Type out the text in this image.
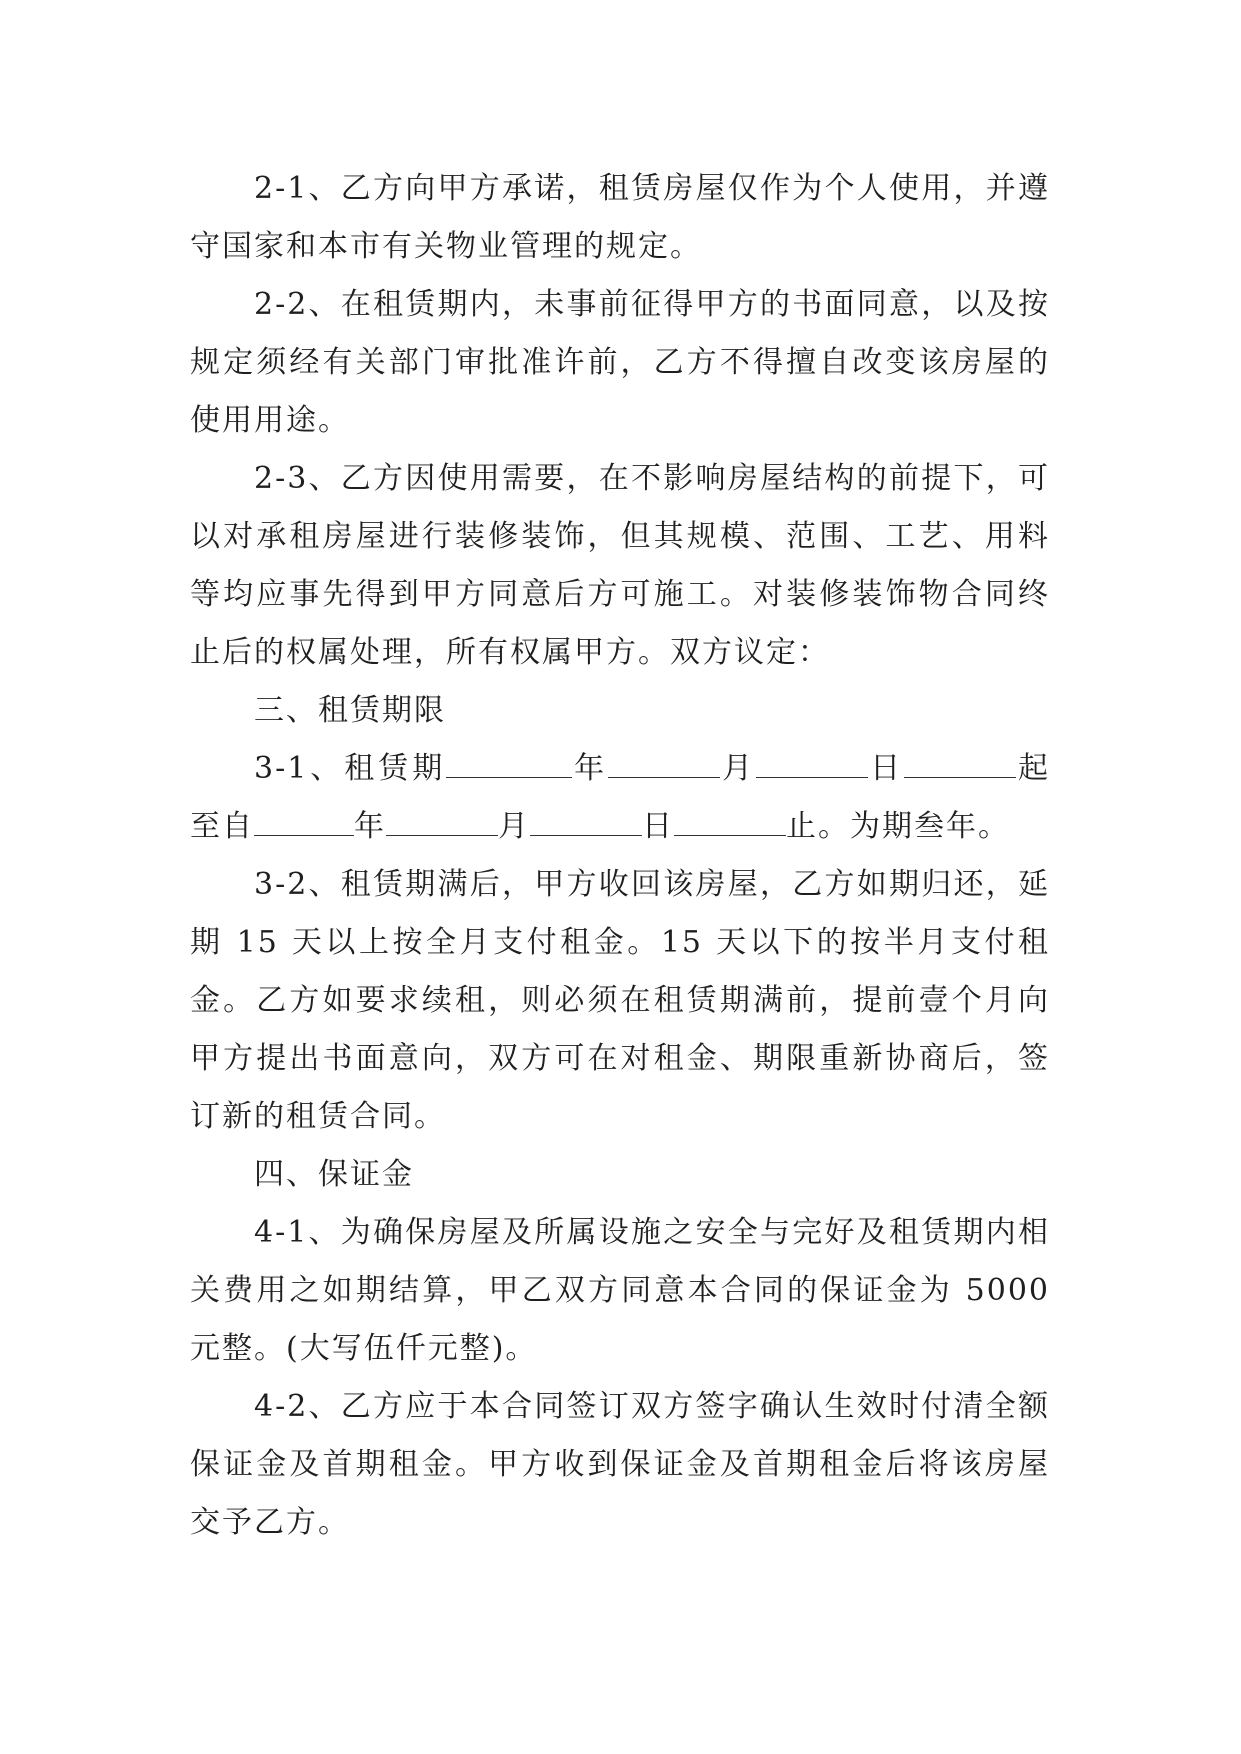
2-1、乙方向甲方承诺，租赁房屋仅作为个人使用，并遵守国家和本市有关物业管理的规定。

2-2、在租赁期内，未事前征得甲方的书面同意，以及按规定须经有关部门审批准许前，乙方不得擅自改变该房屋的使用用途。

2-3、乙方因使用需要，在不影响房屋结构的前提下，可以对承租房屋进行装修装饰，但其规模、范围、工艺、用料等均应事先得到甲方同意后方可施工。对装修装饰物合同终止后的权属处理，所有权属甲方。双方议定：

三、租赁期限

3-1、租赁期	年	月	日	起至自	年	月	日	止。为期叁年。

3-2、租赁期满后，甲方收回该房屋，乙方如期归还，延期 15 天以上按全月支付租金。15 天以下的按半月支付租金。乙方如要求续租，则必须在租赁期满前，提前壹个月向甲方提出书面意向，双方可在对租金、期限重新协商后，签订新的租赁合同。

四、保证金

4-1、为确保房屋及所属设施之安全与完好及租赁期内相关费用之如期结算，甲乙双方同意本合同的保证金为 5000元整。(大写伍仟元整)。

4-2、乙方应于本合同签订双方签字确认生效时付清全额保证金及首期租金。甲方收到保证金及首期租金后将该房屋交予乙方。
